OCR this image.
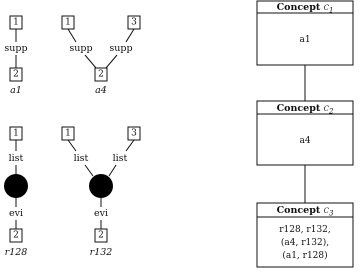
1
supp
2
a1
1	3
supp supp
2
a4
1
list
evi
2
r128
1	3
list	list
evi
2
r132
Concept $C_1$
a1
Concept $C_2$
a4
Concept $C_3$
r128, r132,
(a4, r132),
(a1, r128)
